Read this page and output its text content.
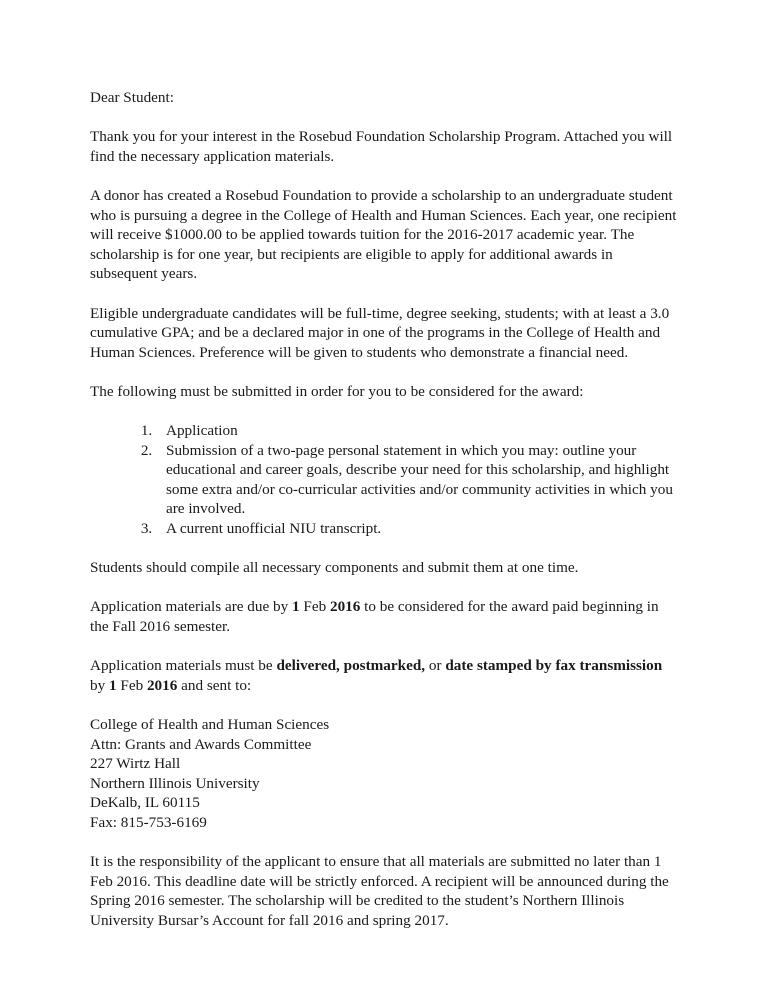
Dear Student:

Thank you for your interest in the Rosebud Foundation Scholarship Program. Attached you will find the necessary application materials.

A donor has created a Rosebud Foundation to provide a scholarship to an undergraduate student who is pursuing a degree in the College of Health and Human Sciences. Each year, one recipient will receive $1000.00 to be applied towards tuition for the 2016-2017 academic year. The scholarship is for one year, but recipients are eligible to apply for additional awards in subsequent years.

Eligible undergraduate candidates will be full-time, degree seeking, students; with at least a 3.0 cumulative GPA; and be a declared major in one of the programs in the College of Health and Human Sciences. Preference will be given to students who demonstrate a financial need.

The following must be submitted in order for you to be considered for the award:

1. Application
2. Submission of a two-page personal statement in which you may: outline your educational and career goals, describe your need for this scholarship, and highlight some extra and/or co-curricular activities and/or community activities in which you are involved.
3. A current unofficial NIU transcript.

Students should compile all necessary components and submit them at one time.

Application materials are due by 1 Feb 2016 to be considered for the award paid beginning in the Fall 2016 semester.

Application materials must be delivered, postmarked, or date stamped by fax transmission by 1 Feb 2016 and sent to:

College of Health and Human Sciences
Attn: Grants and Awards Committee
227 Wirtz Hall
Northern Illinois University
DeKalb, IL 60115
Fax: 815-753-6169

It is the responsibility of the applicant to ensure that all materials are submitted no later than 1 Feb 2016. This deadline date will be strictly enforced. A recipient will be announced during the Spring 2016 semester. The scholarship will be credited to the student’s Northern Illinois University Bursar’s Account for fall 2016 and spring 2017.
